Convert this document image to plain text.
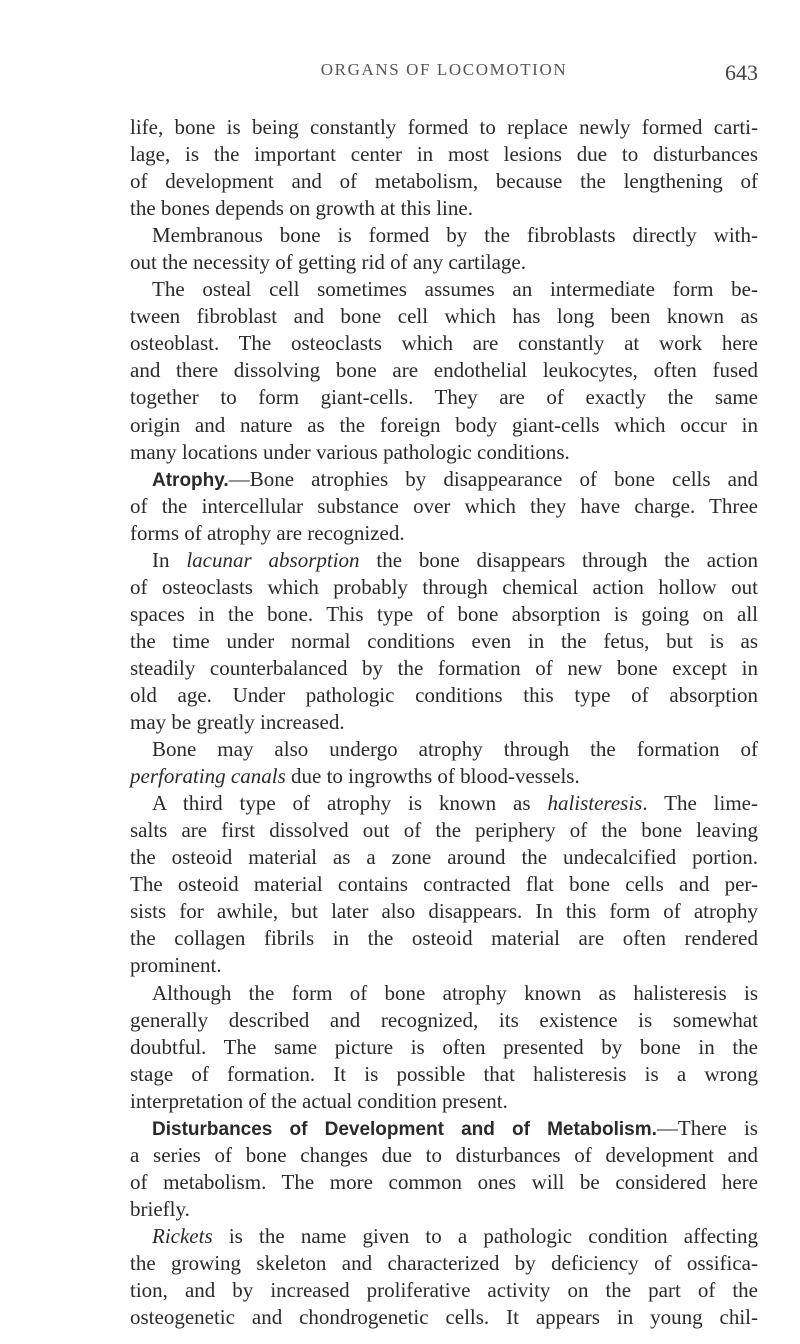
ORGANS OF LOCOMOTION	643
life, bone is being constantly formed to replace newly formed carti-
lage, is the important center in most lesions due to disturbances
of development and of metabolism, because the lengthening of
the bones depends on growth at this line.
Membranous bone is formed by the fibroblasts directly with-
out the necessity of getting rid of any cartilage.
The osteal cell sometimes assumes an intermediate form be-
tween fibroblast and bone cell which has long been known as
osteoblast. The osteoclasts which are constantly at work here
and there dissolving bone are endothelial leukocytes, often fused
together to form giant-cells. They are of exactly the same
origin and nature as the foreign body giant-cells which occur in
many locations under various pathologic conditions.
Atrophy.—Bone atrophies by disappearance of bone cells and
of the intercellular substance over which they have charge. Three
forms of atrophy are recognized.
In lacunar absorption the bone disappears through the action
of osteoclasts which probably through chemical action hollow out
spaces in the bone. This type of bone absorption is going on all
the time under normal conditions even in the fetus, but is as
steadily counterbalanced by the formation of new bone except in
old age. Under pathologic conditions this type of absorption
may be greatly increased.
Bone may also undergo atrophy through the formation of
perforating canals due to ingrowths of blood-vessels.
A third type of atrophy is known as halisteresis. The lime-
salts are first dissolved out of the periphery of the bone leaving
the osteoid material as a zone around the undecalcified portion.
The osteoid material contains contracted flat bone cells and per-
sists for awhile, but later also disappears. In this form of atrophy
the collagen fibrils in the osteoid material are often rendered
prominent.
Although the form of bone atrophy known as halisteresis is
generally described and recognized, its existence is somewhat
doubtful. The same picture is often presented by bone in the
stage of formation. It is possible that halisteresis is a wrong
interpretation of the actual condition present.
Disturbances of Development and of Metabolism.—There is
a series of bone changes due to disturbances of development and
of metabolism. The more common ones will be considered here
briefly.
Rickets is the name given to a pathologic condition affecting
the growing skeleton and characterized by deficiency of ossifica-
tion, and by increased proliferative activity on the part of the
osteogenetic and chondrogenetic cells. It appears in young chil-
